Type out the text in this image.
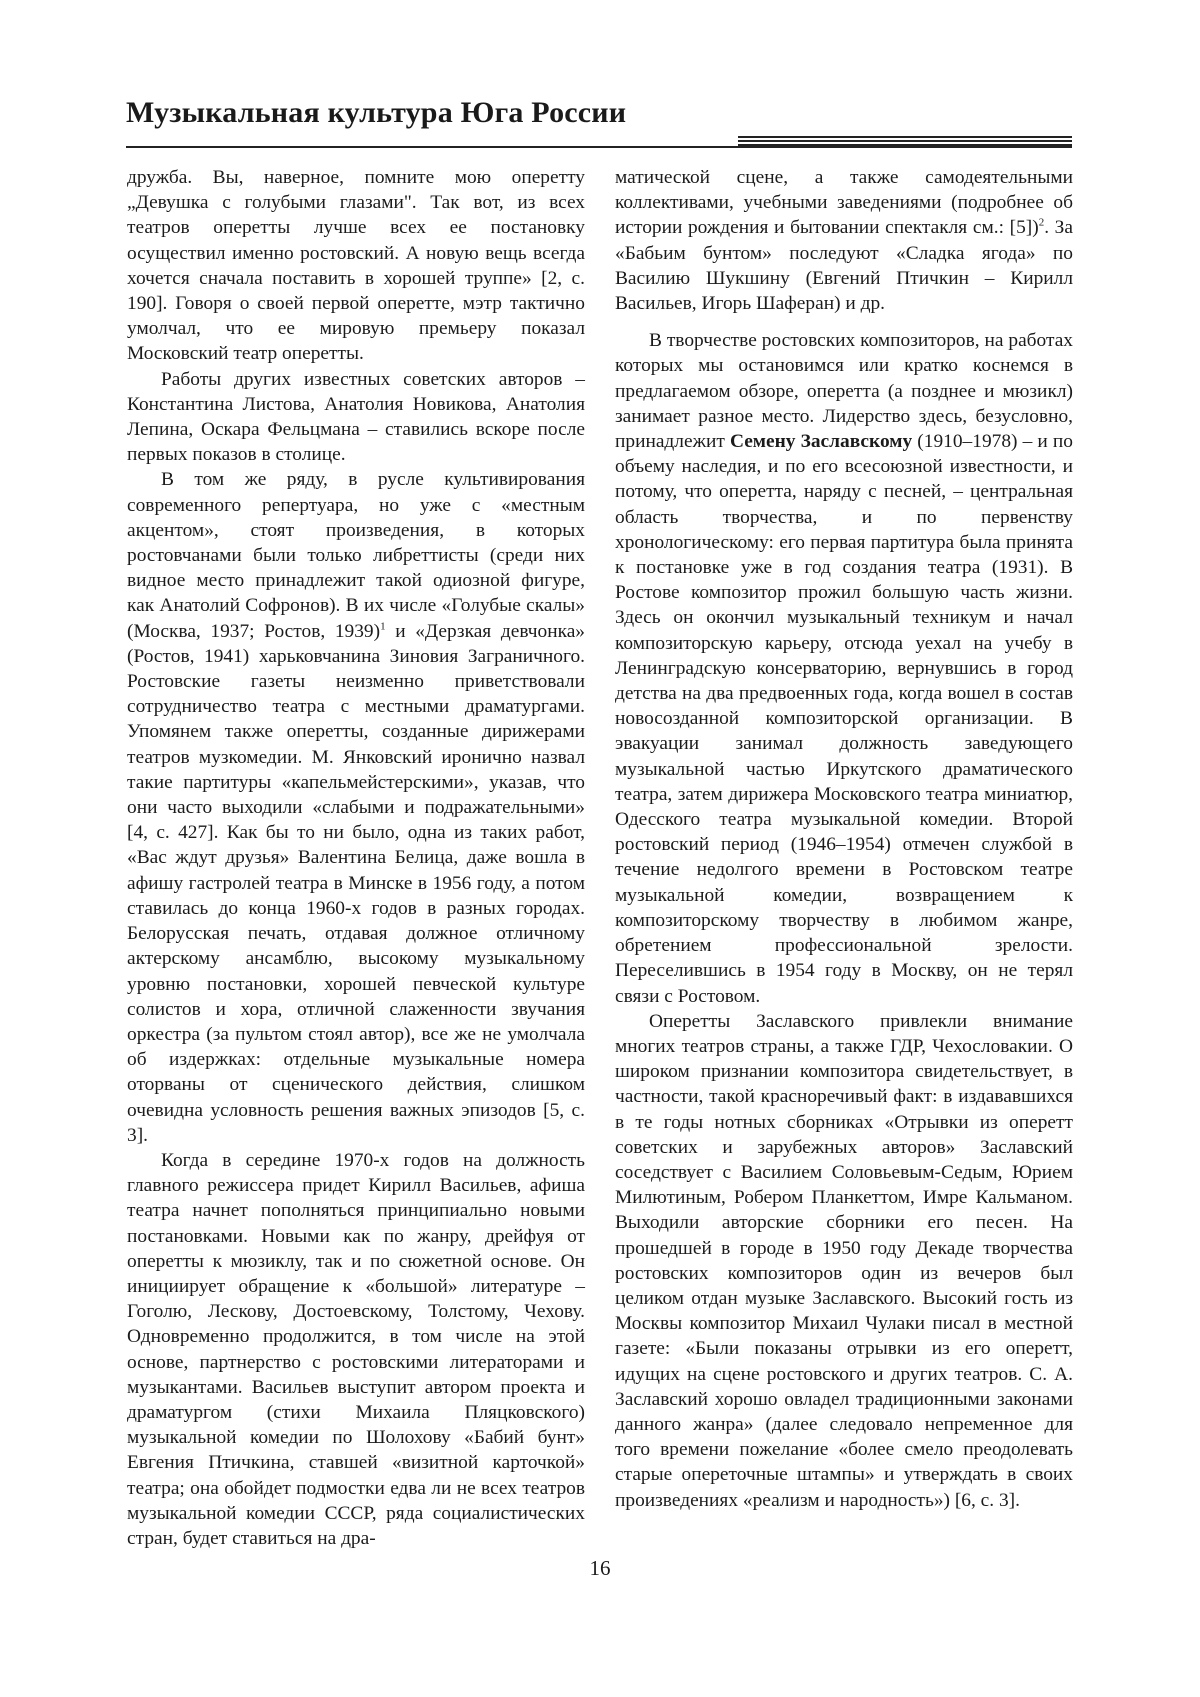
Музыкальная культура Юга России

дружба. Вы, наверное, помните мою оперетту „Девушка с голубыми глазами". Так вот, из всех театров оперетты лучше всех ее постановку осуществил именно ростовский. А новую вещь всегда хочется сначала поставить в хорошей труппе» [2, с. 190]. Говоря о своей первой оперетте, мэтр тактично умолчал, что ее мировую премьеру показал Московский театр оперетты.

Работы других известных советских авторов – Константина Листова, Анатолия Новикова, Анатолия Лепина, Оскара Фельцмана – ставились вскоре после первых показов в столице.

В том же ряду, в русле культивирования современного репертуара, но уже с «местным акцентом», стоят произведения, в которых ростовчанами были только либреттисты (среди них видное место принадлежит такой одиозной фигуре, как Анатолий Софронов). В их числе «Голубые скалы» (Москва, 1937; Ростов, 1939)$^1$ и «Дерзкая девчонка» (Ростов, 1941) харьковчанина Зиновия Заграничного. Ростовские газеты неизменно приветствовали сотрудничество театра с местными драматургами. Упомянем также оперетты, созданные дирижерами театров музкомедии. М. Янковский иронично назвал такие партитуры «капельмейстерскими», указав, что они часто выходили «слабыми и подражательными» [4, с. 427]. Как бы то ни было, одна из таких работ, «Вас ждут друзья» Валентина Белица, даже вошла в афишу гастролей театра в Минске в 1956 году, а потом ставилась до конца 1960-х годов в разных городах. Белорусская печать, отдавая должное отличному актерскому ансамблю, высокому музыкальному уровню постановки, хорошей певческой культуре солистов и хора, отличной слаженности звучания оркестра (за пультом стоял автор), все же не умолчала об издержках: отдельные музыкальные номера оторваны от сценического действия, слишком очевидна условность решения важных эпизодов [5, с. 3].

Когда в середине 1970-х годов на должность главного режиссера придет Кирилл Васильев, афиша театра начнет пополняться принципиально новыми постановками. Новыми как по жанру, дрейфуя от оперетты к мюзиклу, так и по сюжетной основе. Он инициирует обращение к «большой» литературе – Гоголю, Лескову, Достоевскому, Толстому, Чехову. Одновременно продолжится, в том числе на этой основе, партнерство с ростовскими литераторами и музыкантами. Васильев выступит автором проекта и драматургом (стихи Михаила Пляцковского) музыкальной комедии по Шолохову «Бабий бунт» Евгения Птичкина, ставшей «визитной карточкой» театра; она обойдет подмостки едва ли не всех театров музыкальной комедии СССР, ряда социалистических стран, будет ставиться на дра-

матической сцене, а также самодеятельными коллективами, учебными заведениями (подробнее об истории рождения и бытовании спектакля см.: [5])$^2$. За «Бабьим бунтом» последуют «Сладка ягода» по Василию Шукшину (Евгений Птичкин – Кирилл Васильев, Игорь Шаферан) и др.

В творчестве ростовских композиторов, на работах которых мы остановимся или кратко коснемся в предлагаемом обзоре, оперетта (а позднее и мюзикл) занимает разное место. Лидерство здесь, безусловно, принадлежит Семену Заславскому (1910–1978) – и по объему наследия, и по его всесоюзной известности, и потому, что оперетта, наряду с песней, – центральная область творчества, и по первенству хронологическому: его первая партитура была принята к постановке уже в год создания театра (1931). В Ростове композитор прожил большую часть жизни. Здесь он окончил музыкальный техникум и начал композиторскую карьеру, отсюда уехал на учебу в Ленинградскую консерваторию, вернувшись в город детства на два предвоенных года, когда вошел в состав новосозданной композиторской организации. В эвакуации занимал должность заведующего музыкальной частью Иркутского драматического театра, затем дирижера Московского театра миниатюр, Одесского театра музыкальной комедии. Второй ростовский период (1946–1954) отмечен службой в течение недолгого времени в Ростовском театре музыкальной комедии, возвращением к композиторскому творчеству в любимом жанре, обретением профессиональной зрелости. Переселившись в 1954 году в Москву, он не терял связи с Ростовом.

Оперетты Заславского привлекли внимание многих театров страны, а также ГДР, Чехословакии. О широком признании композитора свидетельствует, в частности, такой красноречивый факт: в издававшихся в те годы нотных сборниках «Отрывки из оперетт советских и зарубежных авторов» Заславский соседствует с Василием Соловьевым-Седым, Юрием Милютиным, Робером Планкеттом, Имре Кальманом. Выходили авторские сборники его песен. На прошедшей в городе в 1950 году Декаде творчества ростовских композиторов один из вечеров был целиком отдан музыке Заславского. Высокий гость из Москвы композитор Михаил Чулаки писал в местной газете: «Были показаны отрывки из его оперетт, идущих на сцене ростовского и других театров. С. А. Заславский хорошо овладел традиционными законами данного жанра» (далее следовало непременное для того времени пожелание «более смело преодолевать старые опереточные штампы» и утверждать в своих произведениях «реализм и народность») [6, с. 3].

16
